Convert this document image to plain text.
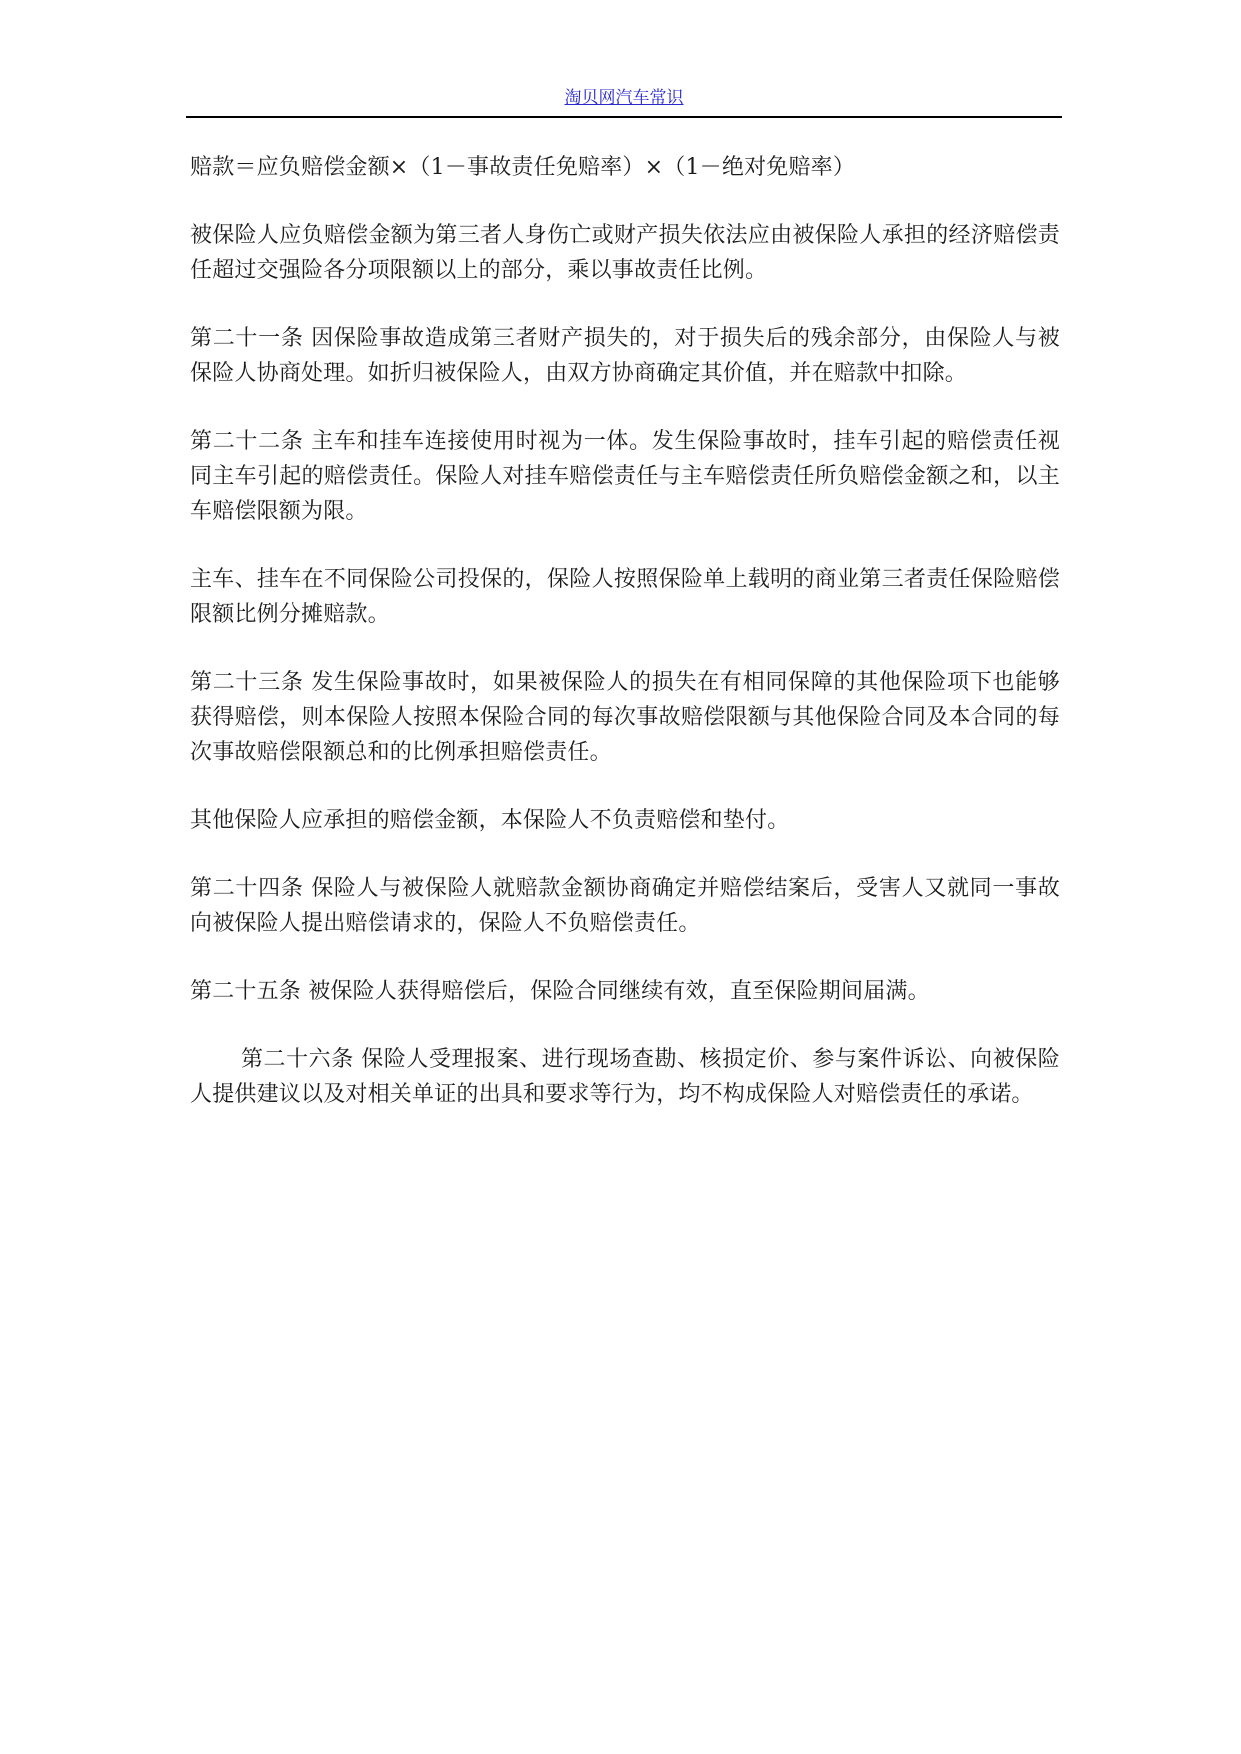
淘贝网汽车常识

赔款＝应负赔偿金额×（1－事故责任免赔率）×（1－绝对免赔率）

被保险人应负赔偿金额为第三者人身伤亡或财产损失依法应由被保险人承担的经济赔偿责任超过交强险各分项限额以上的部分，乘以事故责任比例。

第二十一条 因保险事故造成第三者财产损失的，对于损失后的残余部分，由保险人与被保险人协商处理。如折归被保险人，由双方协商确定其价值，并在赔款中扣除。

第二十二条 主车和挂车连接使用时视为一体。发生保险事故时，挂车引起的赔偿责任视同主车引起的赔偿责任。保险人对挂车赔偿责任与主车赔偿责任所负赔偿金额之和，以主车赔偿限额为限。

主车、挂车在不同保险公司投保的，保险人按照保险单上载明的商业第三者责任保险赔偿限额比例分摊赔款。

第二十三条 发生保险事故时，如果被保险人的损失在有相同保障的其他保险项下也能够获得赔偿，则本保险人按照本保险合同的每次事故赔偿限额与其他保险合同及本合同的每次事故赔偿限额总和的比例承担赔偿责任。

其他保险人应承担的赔偿金额，本保险人不负责赔偿和垫付。

第二十四条 保险人与被保险人就赔款金额协商确定并赔偿结案后，受害人又就同一事故向被保险人提出赔偿请求的，保险人不负赔偿责任。

第二十五条 被保险人获得赔偿后，保险合同继续有效，直至保险期间届满。

第二十六条 保险人受理报案、进行现场查勘、核损定价、参与案件诉讼、向被保险人提供建议以及对相关单证的出具和要求等行为，均不构成保险人对赔偿责任的承诺。
